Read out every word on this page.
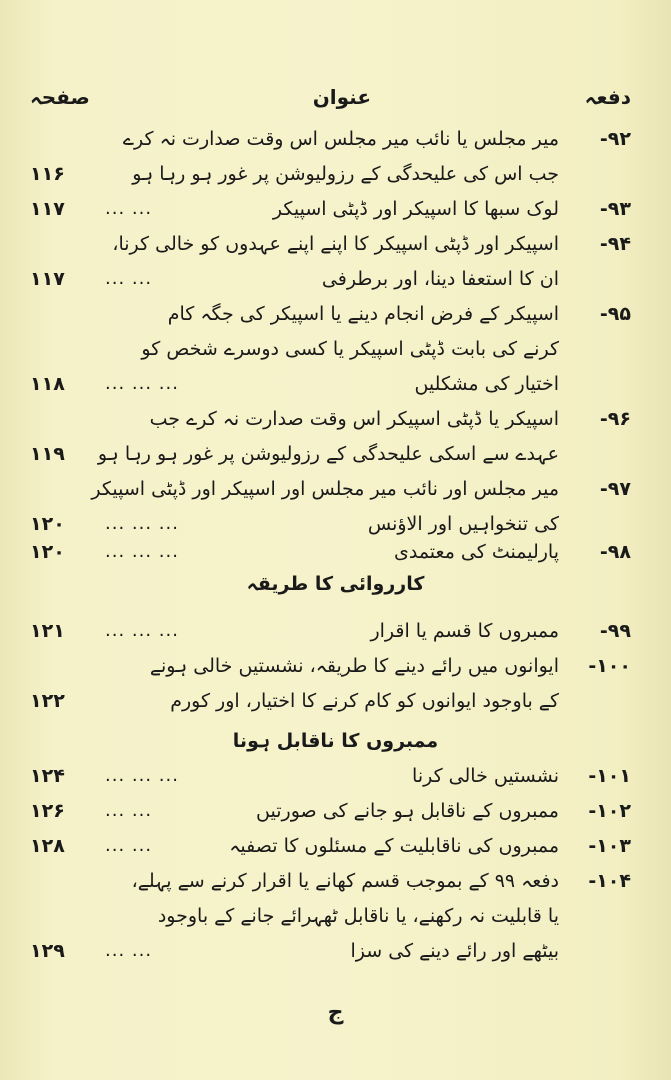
دفعہ
عنوان
صفحہ
۹۲-
میر مجلس یا نائب میر مجلس اس وقت صدارت نہ کرے
جب اس کی علیحدگی کے رزولیوشن پر غور ہو رہا ہو
۱۱۶
۹۳-
لوک سبھا کا اسپیکر اور ڈپٹی اسپیکر
... ...
۱۱۷
۹۴-
اسپیکر اور ڈپٹی اسپیکر کا اپنے اپنے عہدوں کو خالی کرنا،
ان کا استعفا دینا، اور برطرفی
... ...
۱۱۷
۹۵-
اسپیکر کے فرض انجام دینے یا اسپیکر کی جگہ کام
کرنے کی بابت ڈپٹی اسپیکر یا کسی دوسرے شخص کو
اختیار کی مشکلیں
... ... ...
۱۱۸
۹۶-
اسپیکر یا ڈپٹی اسپیکر اس وقت صدارت نہ کرے جب
عہدے سے اسکی علیحدگی کے رزولیوشن پر غور ہو رہا ہو
۱۱۹
۹۷-
میر مجلس اور نائب میر مجلس اور اسپیکر اور ڈپٹی اسپیکر
کی تنخواہیں اور الاؤنس
... ... ...
۱۲۰
۹۸-
پارلیمنٹ کی معتمدی
... ... ...
۱۲۰
کارروائی کا طریقہ
۹۹-
ممبروں کا قسم یا اقرار
... ... ...
۱۲۱
۱۰۰-
ایوانوں میں رائے دینے کا طریقہ، نشستیں خالی ہونے
کے باوجود ایوانوں کو کام کرنے کا اختیار، اور کورم
۱۲۲
ممبروں کا ناقابل ہونا
۱۰۱-
نشستیں خالی کرنا
... ... ...
۱۲۴
۱۰۲-
ممبروں کے ناقابل ہو جانے کی صورتیں
... ...
۱۲۶
۱۰۳-
ممبروں کی ناقابلیت کے مسئلوں کا تصفیہ
... ...
۱۲۸
۱۰۴-
دفعہ ۹۹ کے بموجب قسم کھانے یا اقرار کرنے سے پہلے،
یا قابلیت نہ رکھنے، یا ناقابل ٹھہرائے جانے کے باوجود
بیٹھے اور رائے دینے کی سزا
... ...
۱۲۹
ج
